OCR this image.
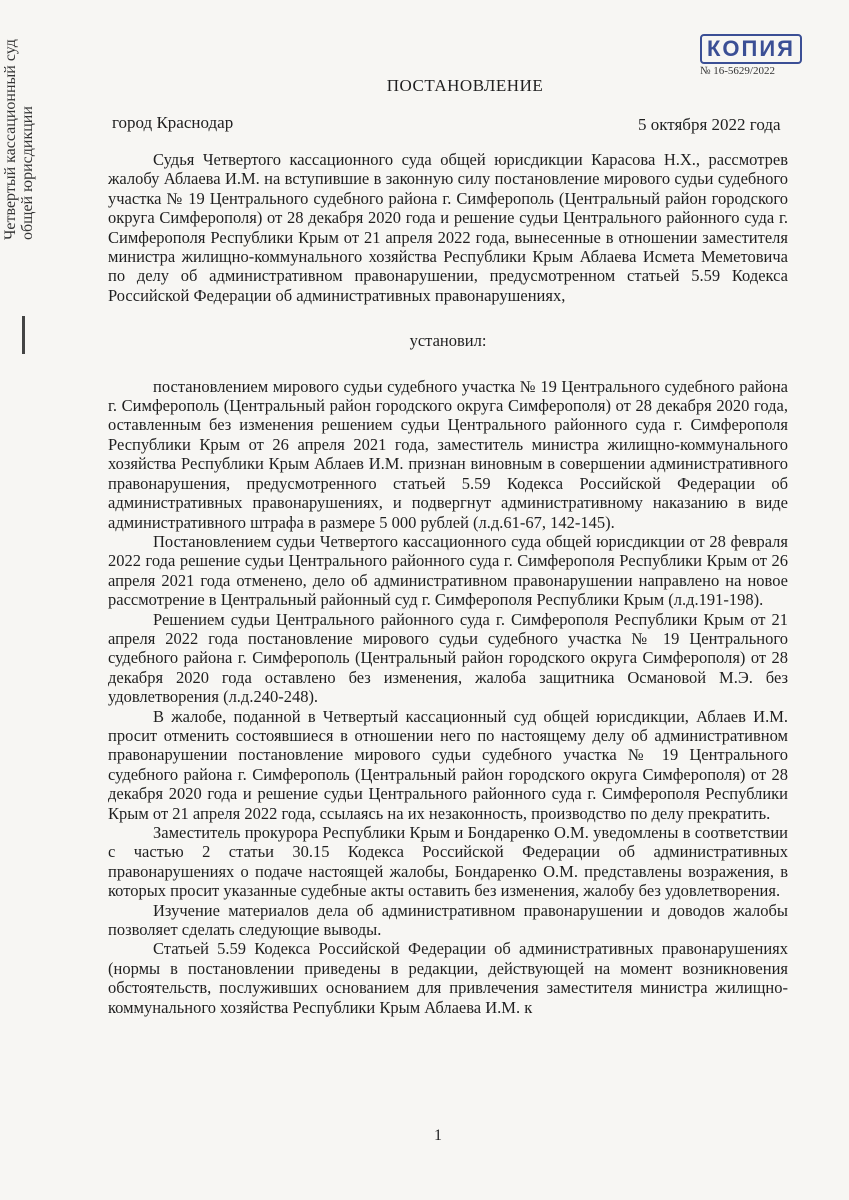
Четвертый кассационный суд общей юрисдикции
КОПИЯ
№ 16-5629/2022
ПОСТАНОВЛЕНИЕ
город Краснодар	5 октября 2022 года

Судья Четвертого кассационного суда общей юрисдикции Карасова Н.Х., рассмотрев жалобу Аблаева И.М. на вступившие в законную силу постановление мирового судьи судебного участка № 19 Центрального судебного района г. Симферополь (Центральный район городского округа Симферополя) от 28 декабря 2020 года и решение судьи Центрального районного суда г. Симферополя Республики Крым от 21 апреля 2022 года, вынесенные в отношении заместителя министра жилищно-коммунального хозяйства Республики Крым Аблаева Исмета Меметовича по делу об административном правонарушении, предусмотренном статьей 5.59 Кодекса Российской Федерации об административных правонарушениях,

установил:

постановлением мирового судьи судебного участка № 19 Центрального судебного района г. Симферополь (Центральный район городского округа Симферополя) от 28 декабря 2020 года, оставленным без изменения решением судьи Центрального районного суда г. Симферополя Республики Крым от 26 апреля 2021 года, заместитель министра жилищно-коммунального хозяйства Республики Крым Аблаев И.М. признан виновным в совершении административного правонарушения, предусмотренного статьей 5.59 Кодекса Российской Федерации об административных правонарушениях, и подвергнут административному наказанию в виде административного штрафа в размере 5 000 рублей (л.д.61-67, 142-145).

Постановлением судьи Четвертого кассационного суда общей юрисдикции от 28 февраля 2022 года решение судьи Центрального районного суда г. Симферополя Республики Крым от 26 апреля 2021 года отменено, дело об административном правонарушении направлено на новое рассмотрение в Центральный районный суд г. Симферополя Республики Крым (л.д.191-198).

Решением судьи Центрального районного суда г. Симферополя Республики Крым от 21 апреля 2022 года постановление мирового судьи судебного участка № 19 Центрального судебного района г. Симферополь (Центральный район городского округа Симферополя) от 28 декабря 2020 года оставлено без изменения, жалоба защитника Османовой М.Э. без удовлетворения (л.д.240-248).

В жалобе, поданной в Четвертый кассационный суд общей юрисдикции, Аблаев И.М. просит отменить состоявшиеся в отношении него по настоящему делу об административном правонарушении постановление мирового судьи судебного участка № 19 Центрального судебного района г. Симферополь (Центральный район городского округа Симферополя) от 28 декабря 2020 года и решение судьи Центрального районного суда г. Симферополя Республики Крым от 21 апреля 2022 года, ссылаясь на их незаконность, производство по делу прекратить.

Заместитель прокурора Республики Крым и Бондаренко О.М. уведомлены в соответствии с частью 2 статьи 30.15 Кодекса Российской Федерации об административных правонарушениях о подаче настоящей жалобы, Бондаренко О.М. представлены возражения, в которых просит указанные судебные акты оставить без изменения, жалобу без удовлетворения.

Изучение материалов дела об административном правонарушении и доводов жалобы позволяет сделать следующие выводы.

Статьей 5.59 Кодекса Российской Федерации об административных правонарушениях (нормы в постановлении приведены в редакции, действующей на момент возникновения обстоятельств, послуживших основанием для привлечения заместителя министра жилищно-коммунального хозяйства Республики Крым Аблаева И.М. к

1
